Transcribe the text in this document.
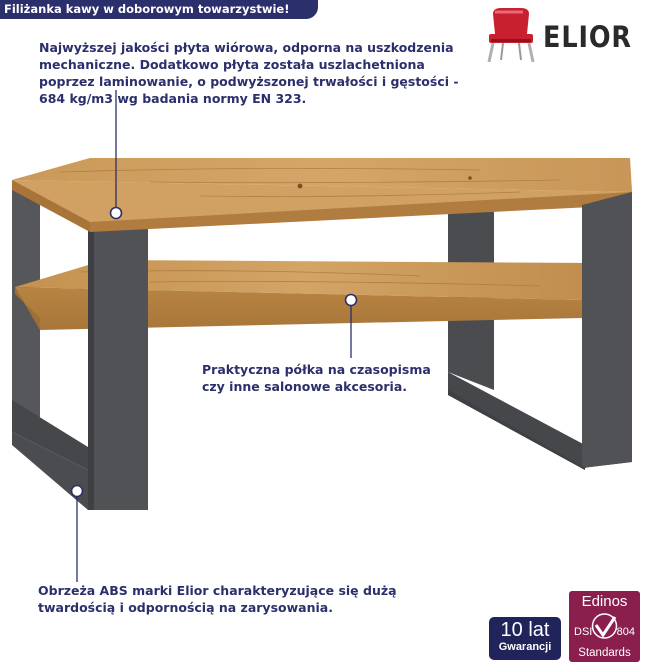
Filiżanka kawy w doborowym towarzystwie!
ELIOR
Najwyższej jakości płyta wiórowa, odporna na uszkodzenia mechaniczne. Dodatkowo płyta została uszlachetniona poprzez laminowanie, o podwyższonej trwałości i gęstości - 684 kg/m3 wg badania normy EN 323.
Praktyczna półka na czasopisma czy inne salonowe akcesoria.
Obrzeża ABS marki Elior charakteryzujące się dużą twardością i odpornością na zarysowania.
10 lat
Gwarancji
Edinos
DSI 804
Standards
